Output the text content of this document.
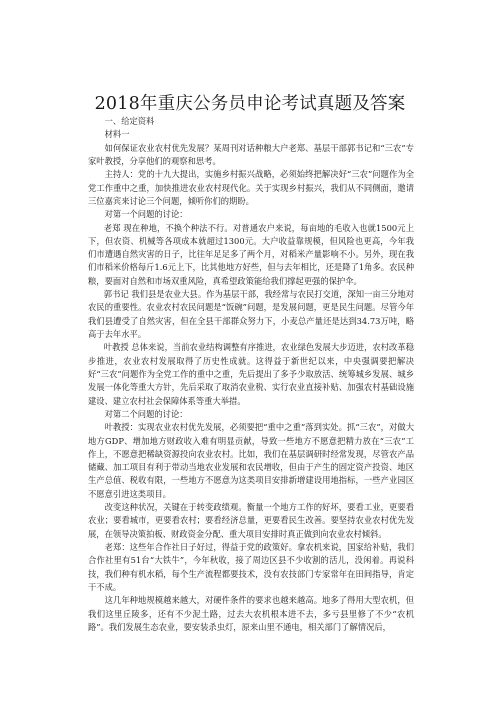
2018年重庆公务员申论考试真题及答案

一、给定资料

材料一

如何保证农业农村优先发展？某周刊对话种粮大户老郑、基层干部郭书记和“三农”专家叶教授，分享他们的观察和思考。

主持人：党的十九大提出，实施乡村振兴战略，必须始终把解决好“三农”问题作为全党工作重中之重，加快推进农业农村现代化。关于实现乡村振兴，我们从不同侧面，邀请三位嘉宾来讨论三个问题，倾听你们的期盼。

对第一个问题的讨论：

老郑 现在种地，不换个种法不行。对普通农户来说，每亩地的毛收入也就1500元上下，但农资、机械等各项成本就超过1300元。大户收益靠规模，但风险也更高，今年我们市遭遇自然灾害的日子，比往年足足多了两个月，对稻米产量影响不小。另外，现在我们市稻米价格每斤1.6元上下，比其他地方好些，但与去年相比，还是降了1角多。农民种粮，要面对自然和市场双重风险，真希望政策能给我们撑起更强的保护伞。

郭书记 我们县是农业大县。作为基层干部，我经常与农民打交道，深知一亩三分地对农民的重要性。农业农村农民问题是“饭碗”问题，是发展问题，更是民生问题。尽管今年我们县遭受了自然灾害，但在全县干部群众努力下，小麦总产量还是达到34.73万吨，略高于去年水平。

叶教授 总体来说，当前农业结构调整有序推进，农业绿色发展大步迈进，农村改革稳步推进，农业农村发展取得了历史性成就。这得益于新世纪以来，中央强调要把解决好“三农”问题作为全党工作的重中之重，先后提出了多予少取放活、统筹城乡发展、城乡发展一体化等重大方针，先后采取了取消农业税、实行农业直接补贴、加强农村基础设施建设、建立农村社会保障体系等重大举措。

对第二个问题的讨论：

叶教授：实现农业农村优先发展，必须要把“重中之重”落到实处。抓“三农”，对做大地方GDP、增加地方财政收入难有明显贡献，导致一些地方不愿意把精力放在“三农”工作上，不愿意把稀缺资源投向农业农村。比如，我们在基层调研时经常发现，尽管农产品储藏、加工项目有利于带动当地农业发展和农民增收，但由于产生的固定资产投资、地区生产总值、税收有限，一些地方不愿意为这类项目安排新增建设用地指标，一些产业园区不愿意引进这类项目。

改变这种状况，关键在于转变政绩观。衡量一个地方工作的好坏，要看工业，更要看农业；要看城市，更要看农村；要看经济总量，更要看民生改善。要坚持农业农村优先发展，在领导决策拍板、财政资金分配、重大项目安排时真正做到向农业农村倾斜。

老郑：这些年合作社日子好过，得益于党的政策好。拿农机来说，国家给补贴，我们合作社里有51台“大铁牛”，今年秋收，接了周边区县不少收割的活儿，没闲着。再说科技，我们种有机水稻，每个生产流程都要技术，没有农技部门专家常年在田间指导，肯定干不成。

这几年种地规模越来越大，对硬件条件的要求也越来越高。地多了得用大型农机，但我们这里丘陵多，还有不少泥土路，过去大农机根本进不去，多亏县里修了不少“农机路”。我们发展生态农业，要安装杀虫灯，原来山里不通电，相关部门了解情况后，
